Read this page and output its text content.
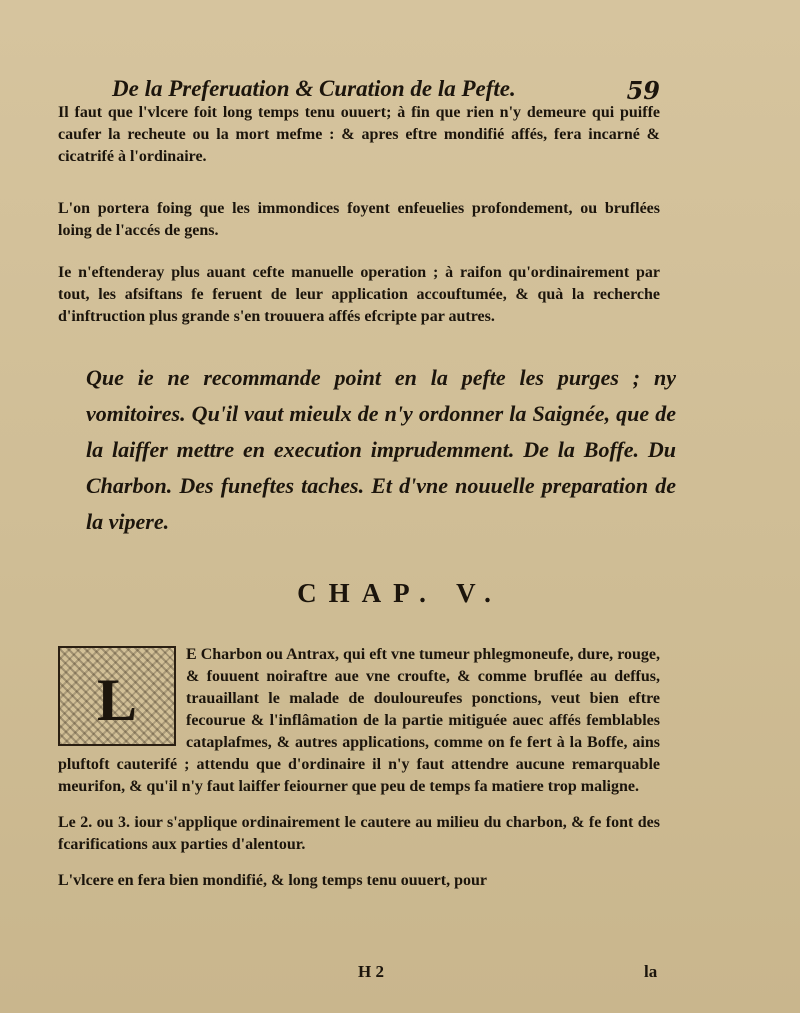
De la Preferuation & Curation de la Pefte.	59
Il faut que l'vlcere foit long temps tenu ouuert; à fin que rien n'y demeure qui puiffe caufer la recheute ou la mort mefme : & apres eftre mondifié affés, fera incarné & cicatrifé à l'ordinaire.
L'on portera foing que les immondices foyent enfeuelies profondement, ou bruflées loing de l'accés de gens.
Ie n'eftenderay plus auant cefte manuelle operation ; à raifon qu'ordinairement par tout, les afsiftans fe feruent de leur application accouftumée, & quà la recherche d'inftruction plus grande s'en trouuera affés efcripte par autres.
Que ie ne recommande point en la pefte les purges ; ny vomitoires. Qu'il vaut mieulx de n'y ordonner la Saignée, que de la laiffer mettre en execution imprudemment. De la Boffe. Du Charbon. Des funeftes taches. Et d'vne nouuelle preparation de la vipere.
CHAP. V.
L
E Charbon ou Antrax, qui eft vne tumeur phlegmoneufe, dure, rouge, & fouuent noiraftre aue vne croufte, & comme bruflée au deffus, trauaillant le malade de douloureufes ponctions, veut bien eftre fecourue & l'inflâmation de la partie mitiguée auec affés femblables cataplafmes, & autres applications, comme on fe fert à la Boffe, ains pluftoft cauterifé ; attendu que d'ordinaire il n'y faut attendre aucune remarquable meurifon, & qu'il n'y faut laiffer feiourner que peu de temps fa matiere trop maligne.
Le 2. ou 3. iour s'applique ordinairement le cautere au milieu du charbon, & fe font des fcarifications aux parties d'alentour.
L'vlcere en fera bien mondifié, & long temps tenu ouuert, pour
H 2	la
